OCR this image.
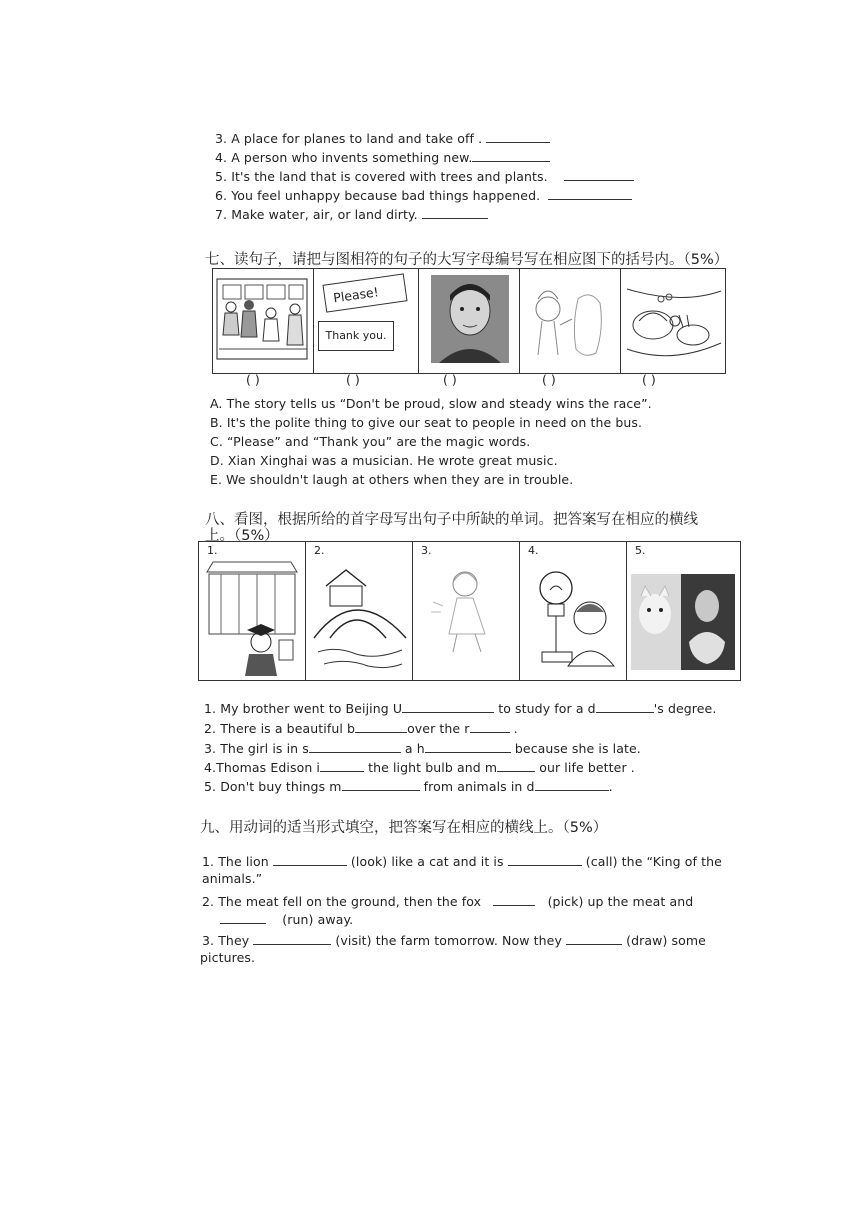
3. A place for planes to land and take off .
4. A person who invents something new.
5. It's the land that is covered with trees and plants.
6. You feel unhappy because bad things happened.
7. Make water, air, or land dirty.
七、读句子，请把与图相符的句子的大写字母编号写在相应图下的括号内。（5%）
Please!
Thank you.
( )	( )	( )	( )	( )
A. The story tells us “Don't be proud, slow and steady wins the race”.
B. It's the polite thing to give our seat to people in need on the bus.
C. “Please” and “Thank you” are the magic words.
D. Xian Xinghai was a musician. He wrote great music.
E. We shouldn't laugh at others when they are in trouble.
八、看图，根据所给的首字母写出句子中所缺的单词。把答案写在相应的横线
上。（5%）
1.	2.	3.	4.	5.
1. My brother went to Beijing U	to study for a d	's degree.
2. There is a beautiful b	over the r	.
3. The girl is in s	a h	because she is late.
4.Thomas Edison i	the light bulb and m	our life better .
5. Don't buy things m	from animals in d	.
九、用动词的适当形式填空，把答案写在相应的横线上。（5%）
1. The lion	(look) like a cat and it is	(call) the “King of the
animals.”
2. The meat fell on the ground, then the fox	(pick) up the meat and
(run) away.
3. They	(visit) the farm tomorrow. Now they	(draw) some
pictures.
